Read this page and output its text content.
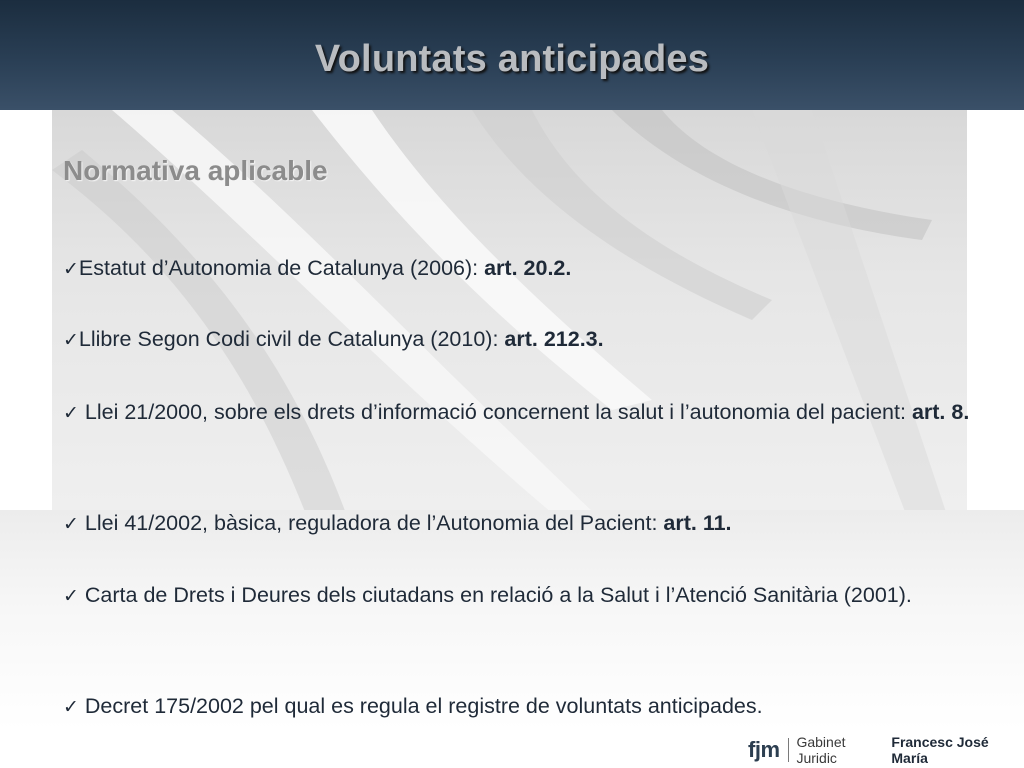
Voluntats anticipades
Normativa aplicable
✓Estatut d’Autonomia de Catalunya (2006): art. 20.2.
✓Llibre Segon Codi civil de Catalunya (2010): art. 212.3.
✓ Llei 21/2000, sobre els drets d’informació concernent la salut i l’autonomia del pacient: art. 8.
✓ Llei 41/2002, bàsica, reguladora de l’Autonomia del Pacient: art. 11.
✓ Carta de Drets i Deures dels ciutadans en relació a la Salut i l’Atenció Sanitària (2001).
✓ Decret 175/2002 pel qual es regula el registre de voluntats anticipades.
fjm Gabinet Juridic
Francesc José María
